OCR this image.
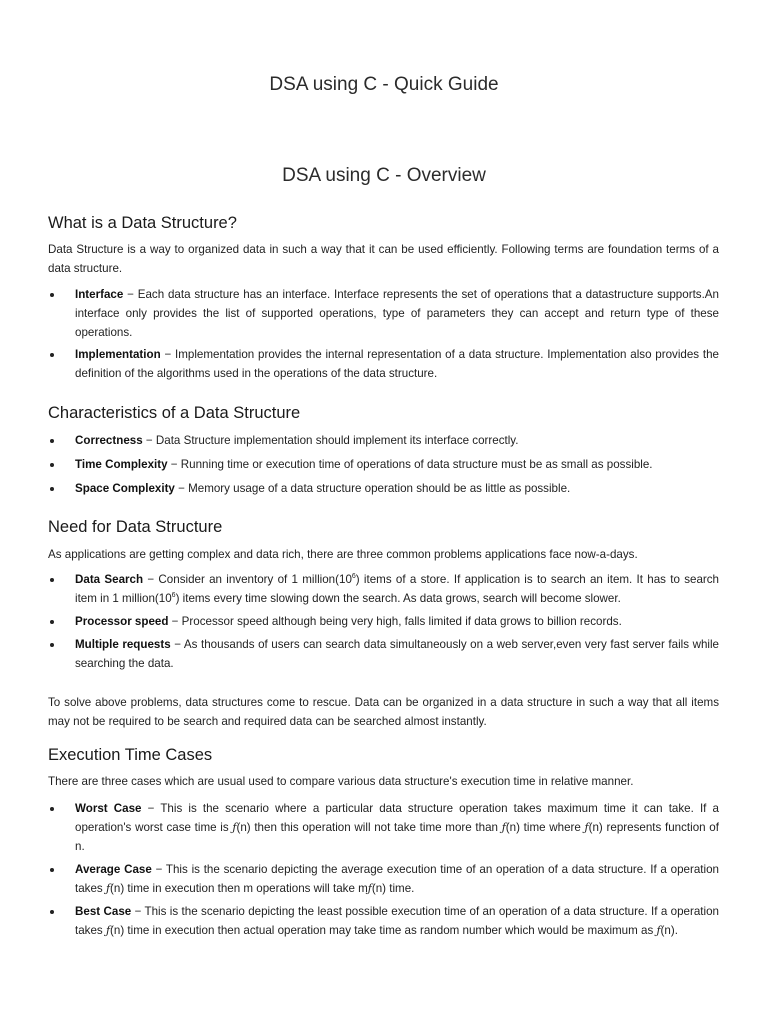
DSA using C - Quick Guide
DSA using C - Overview
What is a Data Structure?

Data Structure is a way to organized data in such a way that it can be used efficiently. Following terms are foundation terms of a data structure.

Interface − Each data structure has an interface. Interface represents the set of operations that a datastructure supports.An interface only provides the list of supported operations, type of parameters they can accept and return type of these operations.
Implementation − Implementation provides the internal representation of a data structure. Implementation also provides the definition of the algorithms used in the operations of the data structure.
Characteristics of a Data Structure
Correctness − Data Structure implementation should implement its interface correctly.
Time Complexity − Running time or execution time of operations of data structure must be as small as possible.
Space Complexity − Memory usage of a data structure operation should be as little as possible.
Need for Data Structure

As applications are getting complex and data rich, there are three common problems applications face now-a-days.

Data Search − Consider an inventory of 1 $million(10^6)$ items of a store. If application is to search an item. It has to search item in 1 $million(10^6)$ items every time slowing down the search. As data grows, search will become slower.
Processor speed − Processor speed although being very high, falls limited if data grows to billion records.
Multiple requests − As thousands of users can search data simultaneously on a web server,even very fast server fails while searching the data.

To solve above problems, data structures come to rescue. Data can be organized in a data structure in such a way that all items may not be required to be search and required data can be searched almost instantly.

Execution Time Cases

There are three cases which are usual used to compare various data structure's execution time in relative manner.

Worst Case − This is the scenario where a particular data structure operation takes maximum time it can take. If a operation's worst case time is ƒ(n) then this operation will not take time more than ƒ(n) time where ƒ(n) represents function of n.
Average Case − This is the scenario depicting the average execution time of an operation of a data structure. If a operation takes ƒ(n) time in execution then m operations will take mƒ(n) time.
Best Case − This is the scenario depicting the least possible execution time of an operation of a data structure. If a operation takes ƒ(n) time in execution then actual operation may take time as random number which would be maximum as ƒ(n).
